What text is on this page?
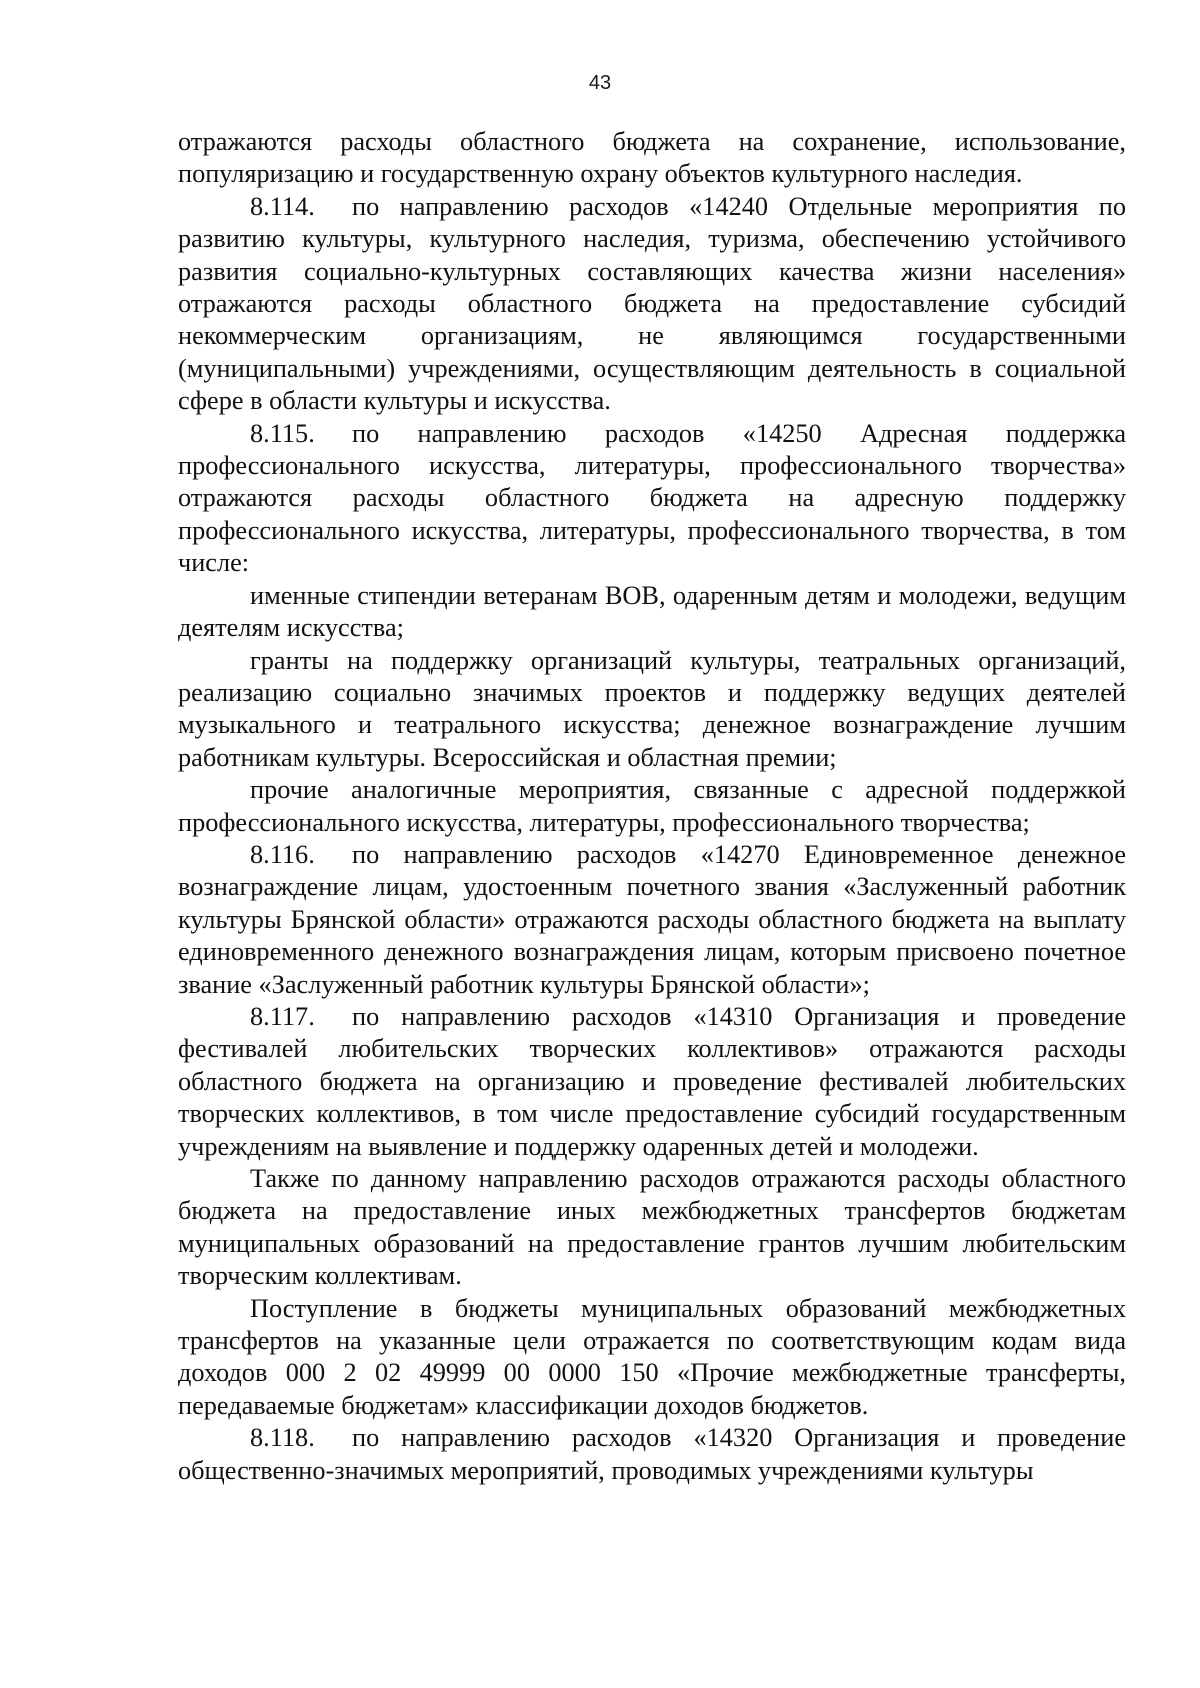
43

отражаются расходы областного бюджета на сохранение, использование, популяризацию и государственную охрану объектов культурного наследия.

8.114. по направлению расходов «14240 Отдельные мероприятия по развитию культуры, культурного наследия, туризма, обеспечению устойчивого развития социально-культурных составляющих качества жизни населения» отражаются расходы областного бюджета на предоставление субсидий некоммерческим организациям, не являющимся государственными (муниципальными) учреждениями, осуществляющим деятельность в социальной сфере в области культуры и искусства.

8.115. по направлению расходов «14250 Адресная поддержка профессионального искусства, литературы, профессионального творчества» отражаются расходы областного бюджета на адресную поддержку профессионального искусства, литературы, профессионального творчества, в том числе:

именные стипендии ветеранам ВОВ, одаренным детям и молодежи, ведущим деятелям искусства;

гранты на поддержку организаций культуры, театральных организаций, реализацию социально значимых проектов и поддержку ведущих деятелей музыкального и театрального искусства; денежное вознаграждение лучшим работникам культуры. Всероссийская и областная премии;

прочие аналогичные мероприятия, связанные с адресной поддержкой профессионального искусства, литературы, профессионального творчества;

8.116. по направлению расходов «14270 Единовременное денежное вознаграждение лицам, удостоенным почетного звания «Заслуженный работник культуры Брянской области» отражаются расходы областного бюджета на выплату единовременного денежного вознаграждения лицам, которым присвоено почетное звание «Заслуженный работник культуры Брянской области»;

8.117. по направлению расходов «14310 Организация и проведение фестивалей любительских творческих коллективов» отражаются расходы областного бюджета на организацию и проведение фестивалей любительских творческих коллективов, в том числе предоставление субсидий государственным учреждениям на выявление и поддержку одаренных детей и молодежи.

Также по данному направлению расходов отражаются расходы областного бюджета на предоставление иных межбюджетных трансфертов бюджетам муниципальных образований на предоставление грантов лучшим любительским творческим коллективам.

Поступление в бюджеты муниципальных образований межбюджетных трансфертов на указанные цели отражается по соответствующим кодам вида доходов 000 2 02 49999 00 0000 150 «Прочие межбюджетные трансферты, передаваемые бюджетам» классификации доходов бюджетов.

8.118. по направлению расходов «14320 Организация и проведение общественно-значимых мероприятий, проводимых учреждениями культуры
